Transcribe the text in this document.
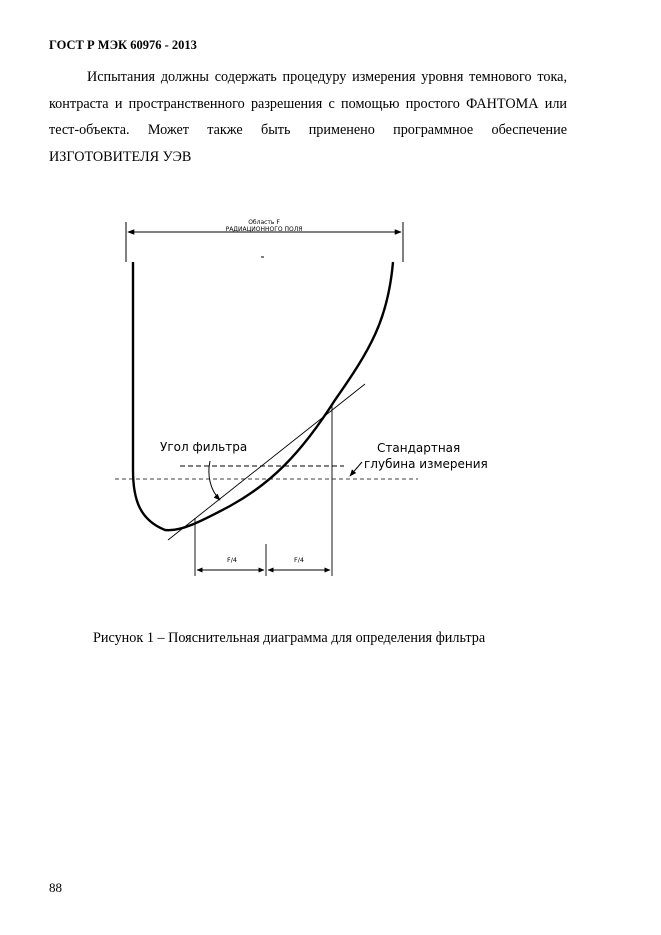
ГОСТ Р МЭК 60976 - 2013

Испытания должны содержать процедуру измерения уровня темнового тока, контраста и пространственного разрешения с помощью простого ФАНТОМА или тест-объекта. Может также быть применено программное обеспечение ИЗГОТОВИТЕЛЯ УЭВ

Область F
РАДИАЦИОННОГО ПОЛЯ
Угол фильтра	Стандартная
глубина измерения
F/4	F/4
Рисунок 1 – Пояснительная диаграмма для определения фильтра
88
